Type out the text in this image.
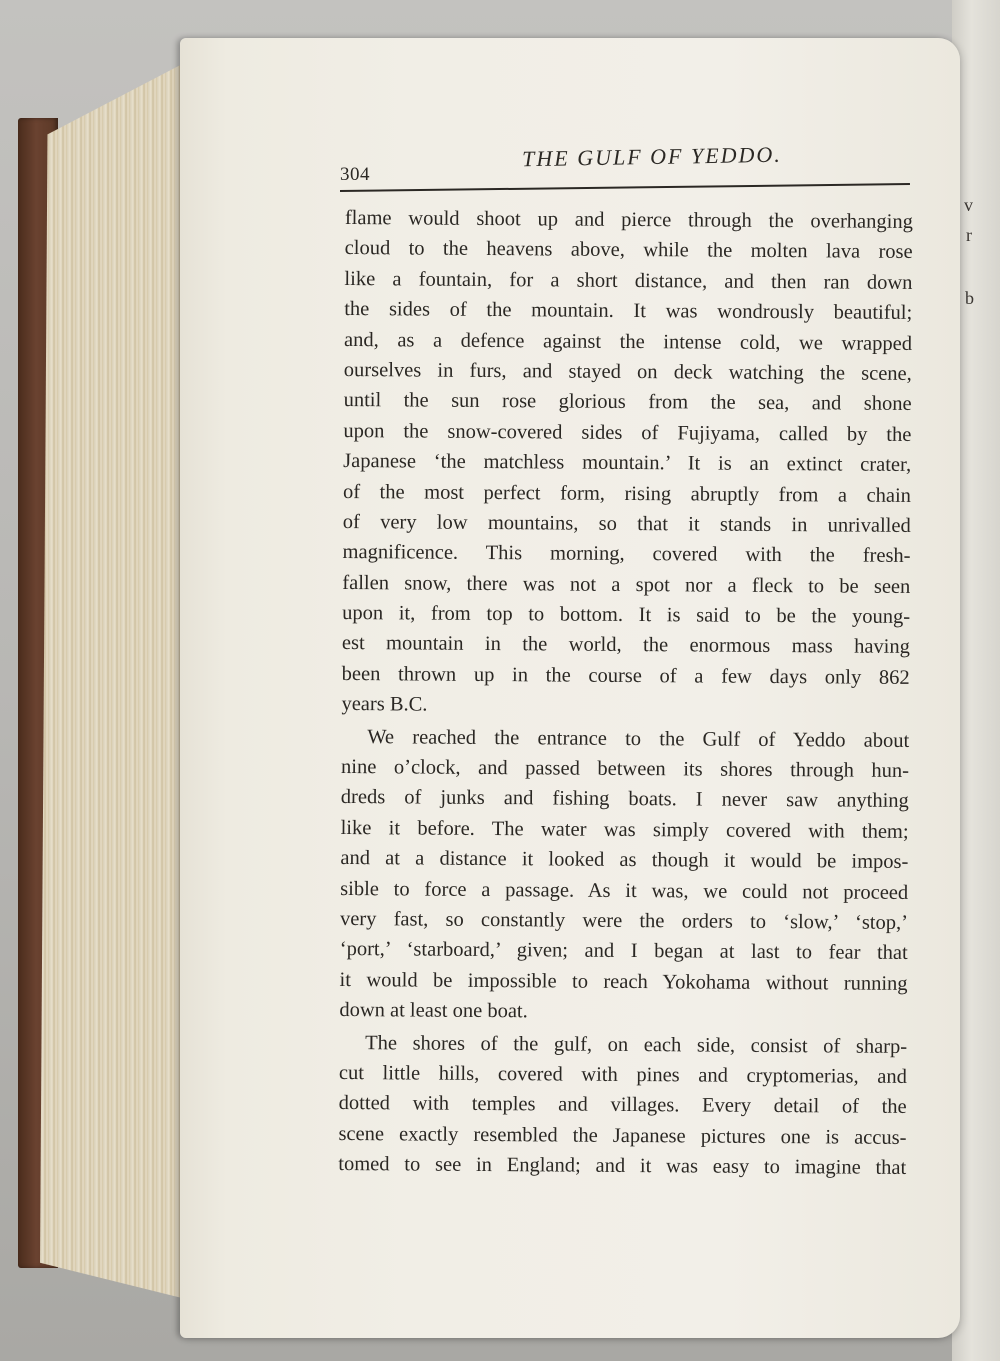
v
r
b
304
THE GULF OF YEDDO.
flame would shoot up and pierce through the overhanging
cloud to the heavens above, while the molten lava rose
like a fountain, for a short distance, and then ran down
the sides of the mountain. It was wondrously beautiful;
and, as a defence against the intense cold, we wrapped
ourselves in furs, and stayed on deck watching the scene,
until the sun rose glorious from the sea, and shone
upon the snow-covered sides of Fujiyama, called by the
Japanese ‘the matchless mountain.’ It is an extinct crater,
of the most perfect form, rising abruptly from a chain
of very low mountains, so that it stands in unrivalled
magnificence. This morning, covered with the fresh-
fallen snow, there was not a spot nor a fleck to be seen
upon it, from top to bottom. It is said to be the young-
est mountain in the world, the enormous mass having
been thrown up in the course of a few days only 862
years B.C.
We reached the entrance to the Gulf of Yeddo about
nine o’clock, and passed between its shores through hun-
dreds of junks and fishing boats. I never saw anything
like it before. The water was simply covered with them;
and at a distance it looked as though it would be impos-
sible to force a passage. As it was, we could not proceed
very fast, so constantly were the orders to ‘slow,’ ‘stop,’
‘port,’ ‘starboard,’ given; and I began at last to fear that
it would be impossible to reach Yokohama without running
down at least one boat.
The shores of the gulf, on each side, consist of sharp-
cut little hills, covered with pines and cryptomerias, and
dotted with temples and villages. Every detail of the
scene exactly resembled the Japanese pictures one is accus-
tomed to see in England; and it was easy to imagine that
